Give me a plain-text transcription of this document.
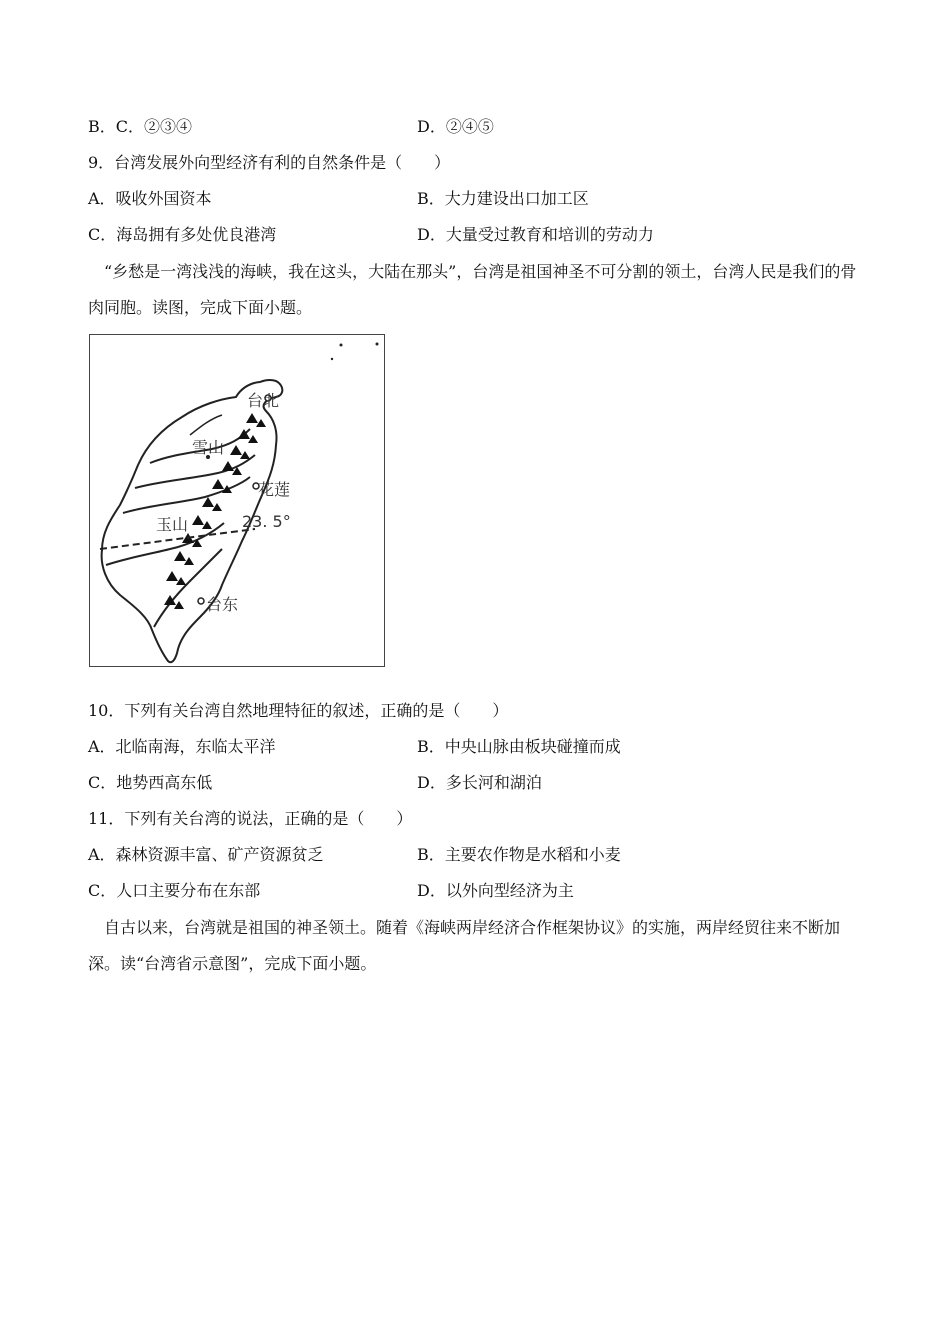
B．C．②③④	D．②④⑤
9．台湾发展外向型经济有利的自然条件是（　　）
A．吸收外国资本	B．大力建设出口加工区
C．海岛拥有多处优良港湾	D．大量受过教育和培训的劳动力
“乡愁是一湾浅浅的海峡，我在这头，大陆在那头”，台湾是祖国神圣不可分割的领土，台湾人民是我们的骨肉同胞。读图，完成下面小题。
台北
雪山
花莲
玉山	23. 5°
台东
10．下列有关台湾自然地理特征的叙述，正确的是（　　）
A．北临南海，东临太平洋	B．中央山脉由板块碰撞而成
C．地势西高东低	D．多长河和湖泊
11．下列有关台湾的说法，正确的是（　　）
A．森林资源丰富、矿产资源贫乏	B．主要农作物是水稻和小麦
C．人口主要分布在东部	D．以外向型经济为主
自古以来，台湾就是祖国的神圣领土。随着《海峡两岸经济合作框架协议》的实施，两岸经贸往来不断加深。读“台湾省示意图”，完成下面小题。
